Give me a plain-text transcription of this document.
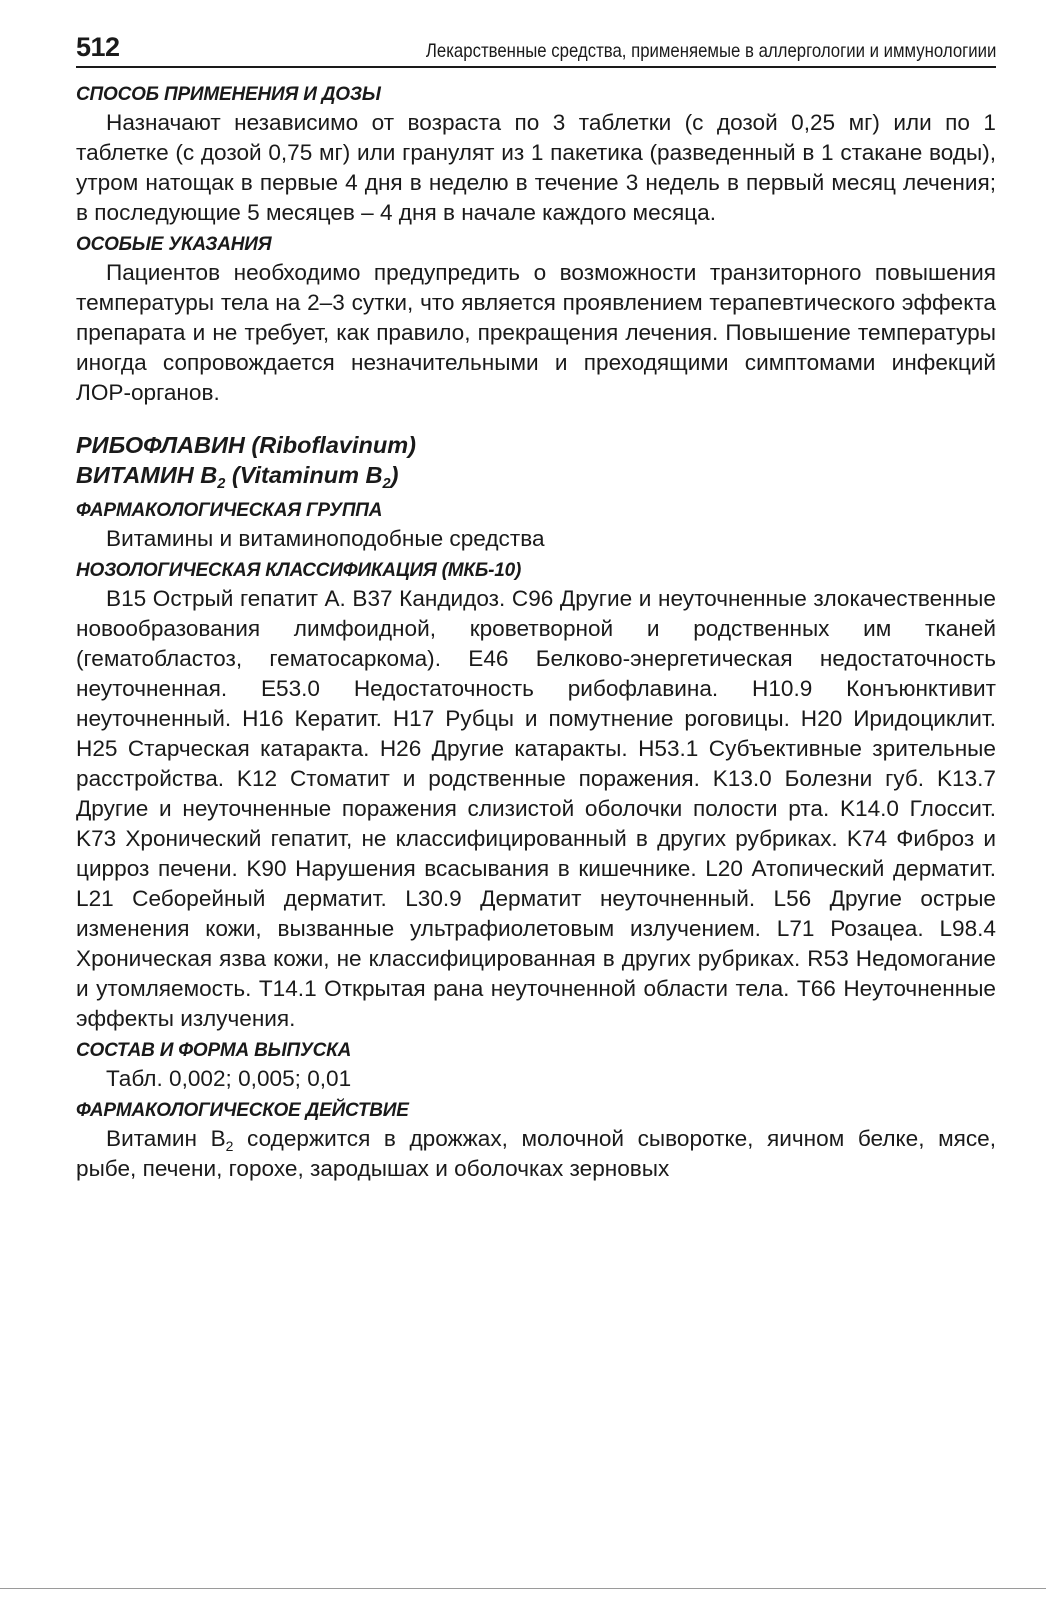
512	Лекарственные средства, применяемые в аллергологии и иммунологиии

СПОСОБ ПРИМЕНЕНИЯ И ДОЗЫ

Назначают независимо от возраста по 3 таблетки (с дозой 0,25 мг) или по 1 таблетке (с дозой 0,75 мг) или гранулят из 1 пакетика (разведенный в 1 стакане воды), утром натощак в первые 4 дня в неделю в течение 3 недель в первый месяц лечения; в последующие 5 месяцев – 4 дня в начале каждого месяца.

ОСОБЫЕ УКАЗАНИЯ

Пациентов необходимо предупредить о возможности транзиторного повышения температуры тела на 2–3 сутки, что является проявлением терапевтического эффекта препарата и не требует, как правило, прекращения лечения. Повышение температуры иногда сопровождается незначительными и преходящими симптомами инфекций ЛОР-органов.

РИБОФЛАВИН (Riboflavinum)

ВИТАМИН $В_2$ (Vitaminum $B_2$)

ФАРМАКОЛОГИЧЕСКАЯ ГРУППА

Витамины и витаминоподобные средства

НОЗОЛОГИЧЕСКАЯ КЛАССИФИКАЦИЯ (МКБ-10)

B15 Острый гепатит А. B37 Кандидоз. C96 Другие и неуточненные злокачественные новообразования лимфоидной, кроветворной и родственных им тканей (гематобластоз, гематосаркома). E46 Белково-энергетическая недостаточность неуточненная. E53.0 Недостаточность рибофлавина. H10.9 Конъюнктивит неуточненный. H16 Кератит. H17 Рубцы и помутнение роговицы. H20 Иридоциклит. H25 Старческая катаракта. H26 Другие катаракты. H53.1 Субъективные зрительные расстройства. K12 Стоматит и родственные поражения. K13.0 Болезни губ. K13.7 Другие и неуточненные поражения слизистой оболочки полости рта. K14.0 Глоссит. K73 Хронический гепатит, не классифицированный в других рубриках. K74 Фиброз и цирроз печени. K90 Нарушения всасывания в кишечнике. L20 Атопический дерматит. L21 Себорейный дерматит. L30.9 Дерматит неуточненный. L56 Другие острые изменения кожи, вызванные ультрафиолетовым излучением. L71 Розацеа. L98.4 Хроническая язва кожи, не классифицированная в других рубриках. R53 Недомогание и утомляемость. T14.1 Открытая рана неуточненной области тела. T66 Неуточненные эффекты излучения.

СОСТАВ И ФОРМА ВЫПУСКА

Табл. 0,002; 0,005; 0,01

ФАРМАКОЛОГИЧЕСКОЕ ДЕЙСТВИЕ

Витамин $В_2$ содержится в дрожжах, молочной сыворотке, яичном белке, мясе, рыбе, печени, горохе, зародышах и оболочках зерновых
